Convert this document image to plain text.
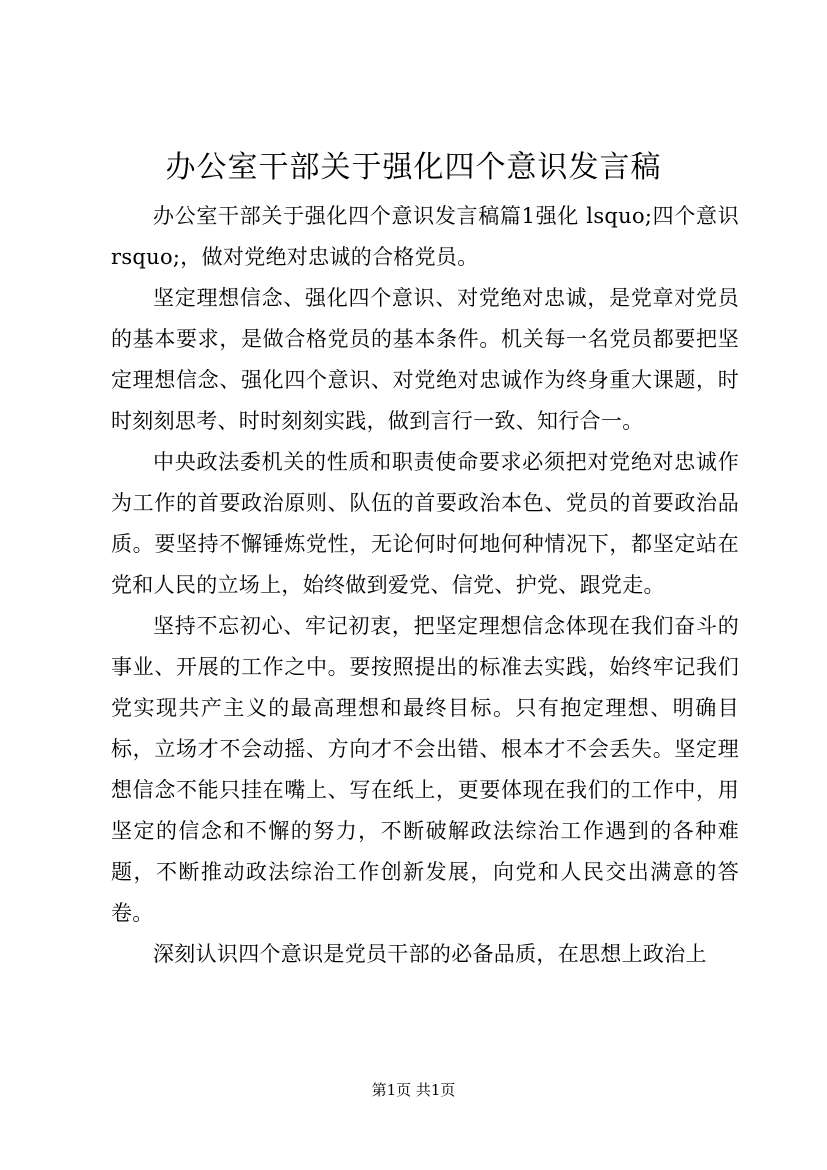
办公室干部关于强化四个意识发言稿

办公室干部关于强化四个意识发言稿篇1强化 lsquo;四个意识 rsquo;，做对党绝对忠诚的合格党员。

坚定理想信念、强化四个意识、对党绝对忠诚，是党章对党员的基本要求，是做合格党员的基本条件。机关每一名党员都要把坚定理想信念、强化四个意识、对党绝对忠诚作为终身重大课题，时时刻刻思考、时时刻刻实践，做到言行一致、知行合一。

中央政法委机关的性质和职责使命要求必须把对党绝对忠诚作为工作的首要政治原则、队伍的首要政治本色、党员的首要政治品质。要坚持不懈锤炼党性，无论何时何地何种情况下，都坚定站在党和人民的立场上，始终做到爱党、信党、护党、跟党走。

坚持不忘初心、牢记初衷，把坚定理想信念体现在我们奋斗的事业、开展的工作之中。要按照提出的标准去实践，始终牢记我们党实现共产主义的最高理想和最终目标。只有抱定理想、明确目标，立场才不会动摇、方向才不会出错、根本才不会丢失。坚定理想信念不能只挂在嘴上、写在纸上，更要体现在我们的工作中，用坚定的信念和不懈的努力，不断破解政法综治工作遇到的各种难题，不断推动政法综治工作创新发展，向党和人民交出满意的答卷。

深刻认识四个意识是党员干部的必备品质，在思想上政治上

第1页 共1页
